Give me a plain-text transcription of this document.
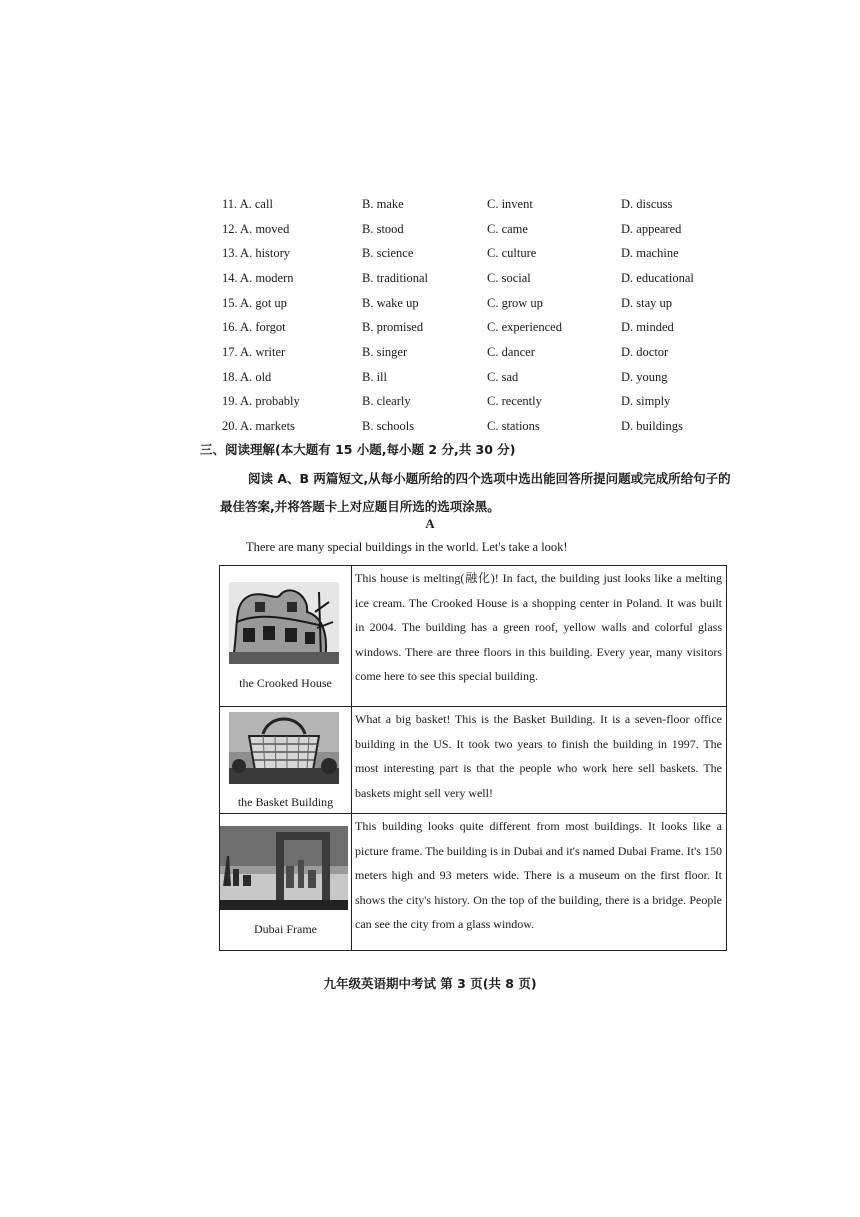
11. A. call	B. make	C. invent	D. discuss
12. A. moved	B. stood	C. came	D. appeared
13. A. history	B. science	C. culture	D. machine
14. A. modern	B. traditional	C. social	D. educational
15. A. got up	B. wake up	C. grow up	D. stay up
16. A. forgot	B. promised	C. experienced	D. minded
17. A. writer	B. singer	C. dancer	D. doctor
18. A. old	B. ill	C. sad	D. young
19. A. probably	B. clearly	C. recently	D. simply
20. A. markets	B. schools	C. stations	D. buildings
三、阅读理解(本大题有 15 小题,每小题 2 分,共 30 分)
阅读 A、B 两篇短文,从每小题所给的四个选项中选出能回答所提问题或完成所给句子的最佳答案,并将答题卡上对应题目所选的选项涂黑。
A
There are many special buildings in the world. Let's take a look!
the Crooked House
This house is melting(融化)! In fact, the building just looks like a melting ice cream. The Crooked House is a shopping center in Poland. It was built in 2004. The building has a green roof, yellow walls and colorful glass windows. There are three floors in this building. Every year, many visitors come here to see this special building.
the Basket Building
What a big basket! This is the Basket Building. It is a seven-floor office building in the US. It took two years to finish the building in 1997. The most interesting part is that the people who work here sell baskets. The baskets might sell very well!
Dubai Frame
This building looks quite different from most buildings. It looks like a picture frame. The building is in Dubai and it's named Dubai Frame. It's 150 meters high and 93 meters wide. There is a museum on the first floor. It shows the city's history. On the top of the building, there is a bridge. People can see the city from a glass window.
九年级英语期中考试 第 3 页(共 8 页)
